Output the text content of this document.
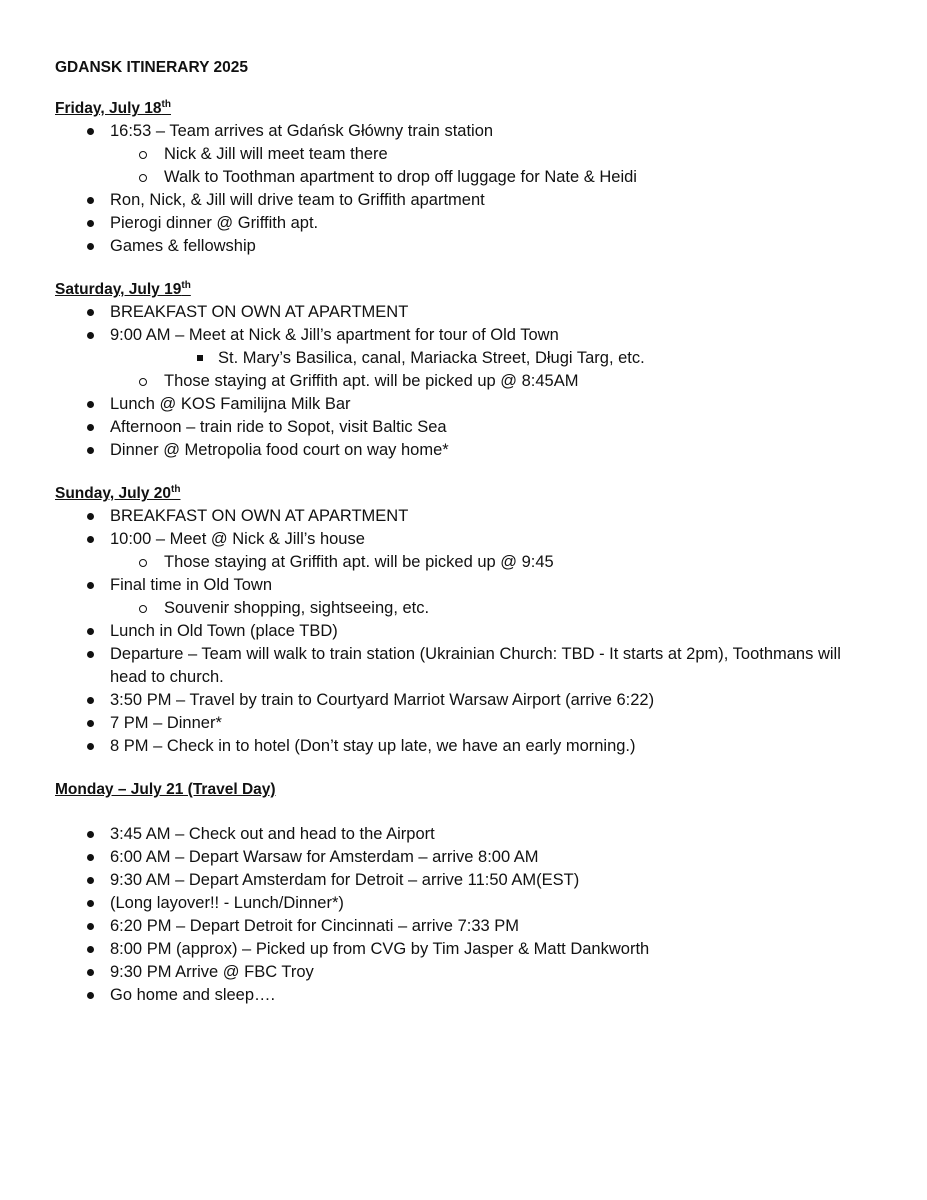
GDANSK ITINERARY 2025
Friday, July 18th
16:53 – Team arrives at Gdańsk Główny train station
Nick & Jill will meet team there
Walk to Toothman apartment to drop off luggage for Nate & Heidi
Ron, Nick, & Jill will drive team to Griffith apartment
Pierogi dinner @ Griffith apt.
Games & fellowship
Saturday, July 19th
BREAKFAST ON OWN AT APARTMENT
9:00 AM – Meet at Nick & Jill’s apartment for tour of Old Town
St. Mary’s Basilica, canal, Mariacka Street, Długi Targ, etc.
Those staying at Griffith apt. will be picked up @ 8:45AM
Lunch @ KOS Familijna Milk Bar
Afternoon – train ride to Sopot, visit Baltic Sea
Dinner @ Metropolia food court on way home*
Sunday, July 20th
BREAKFAST ON OWN AT APARTMENT
10:00 – Meet @ Nick & Jill’s house
Those staying at Griffith apt. will be picked up @ 9:45
Final time in Old Town
Souvenir shopping, sightseeing, etc.
Lunch in Old Town (place TBD)
Departure – Team will walk to train station (Ukrainian Church: TBD - It starts at 2pm), Toothmans will head to church.
3:50 PM – Travel by train to Courtyard Marriot Warsaw Airport (arrive 6:22)
7 PM – Dinner*
8 PM – Check in to hotel (Don’t stay up late, we have an early morning.)
Monday – July 21 (Travel Day)
3:45 AM – Check out and head to the Airport
6:00 AM – Depart Warsaw for Amsterdam – arrive 8:00 AM
9:30 AM – Depart Amsterdam for Detroit – arrive 11:50 AM(EST)
(Long layover!! - Lunch/Dinner*)
6:20 PM – Depart Detroit for Cincinnati – arrive 7:33 PM
8:00 PM (approx) – Picked up from CVG by Tim Jasper & Matt Dankworth
9:30 PM Arrive @ FBC Troy
Go home and sleep….
